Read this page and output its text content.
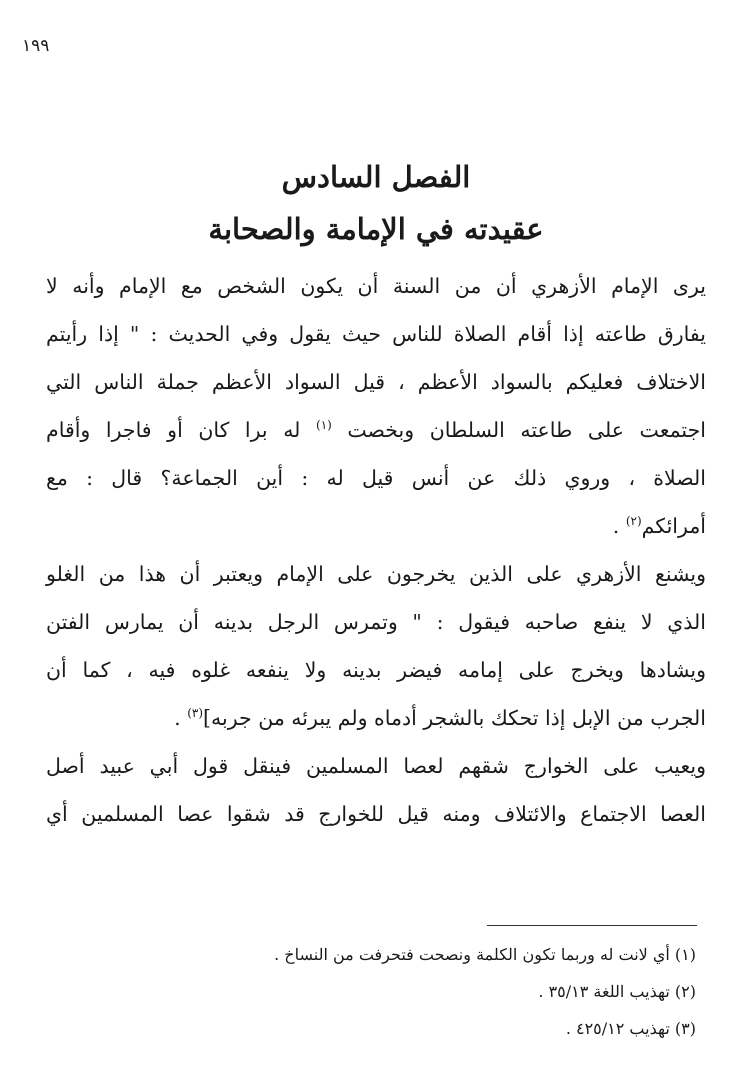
١٩٩
الفصل السادس
عقيدته في الإمامة والصحابة
يرى الإمام الأزهري أن من السنة أن يكون الشخص مع الإمام وأنه لا
يفارق طاعته إذا أقام الصلاة للناس حيث يقول وفي الحديث : " إذا رأيتم
الاختلاف فعليكم بالسواد الأعظم ، قيل السواد الأعظم جملة الناس التي
اجتمعت على طاعته السلطان وبخصت $^{(١)}$ له برا كان أو فاجرا وأقام
الصلاة ، وروي ذلك عن أنس قيل له : أين الجماعة؟ قال : مع
أمرائكم$^{(٢)}$ .
ويشنع الأزهري على الذين يخرجون على الإمام ويعتبر أن هذا من الغلو
الذي لا ينفع صاحبه فيقول : " وتمرس الرجل بدينه أن يمارس الفتن
ويشادها ويخرج على إمامه فيضر بدينه ولا ينفعه غلوه فيه ، كما أن
الجرب من الإبل إذا تحكك بالشجر أدماه ولم يبرئه من جربه]$^{(٣)}$ .
ويعيب على الخوارج شقهم لعصا المسلمين فينقل قول أبي عبيد أصل
العصا الاجتماع والائتلاف ومنه قيل للخوارج قد شقوا عصا المسلمين أي
(١) أي لانت له وربما تكون الكلمة ونصحت فتحرفت من النساخ .
(٢) تهذيب اللغة ٣٥/١٣ .
(٣) تهذيب ٤٢٥/١٢ .
